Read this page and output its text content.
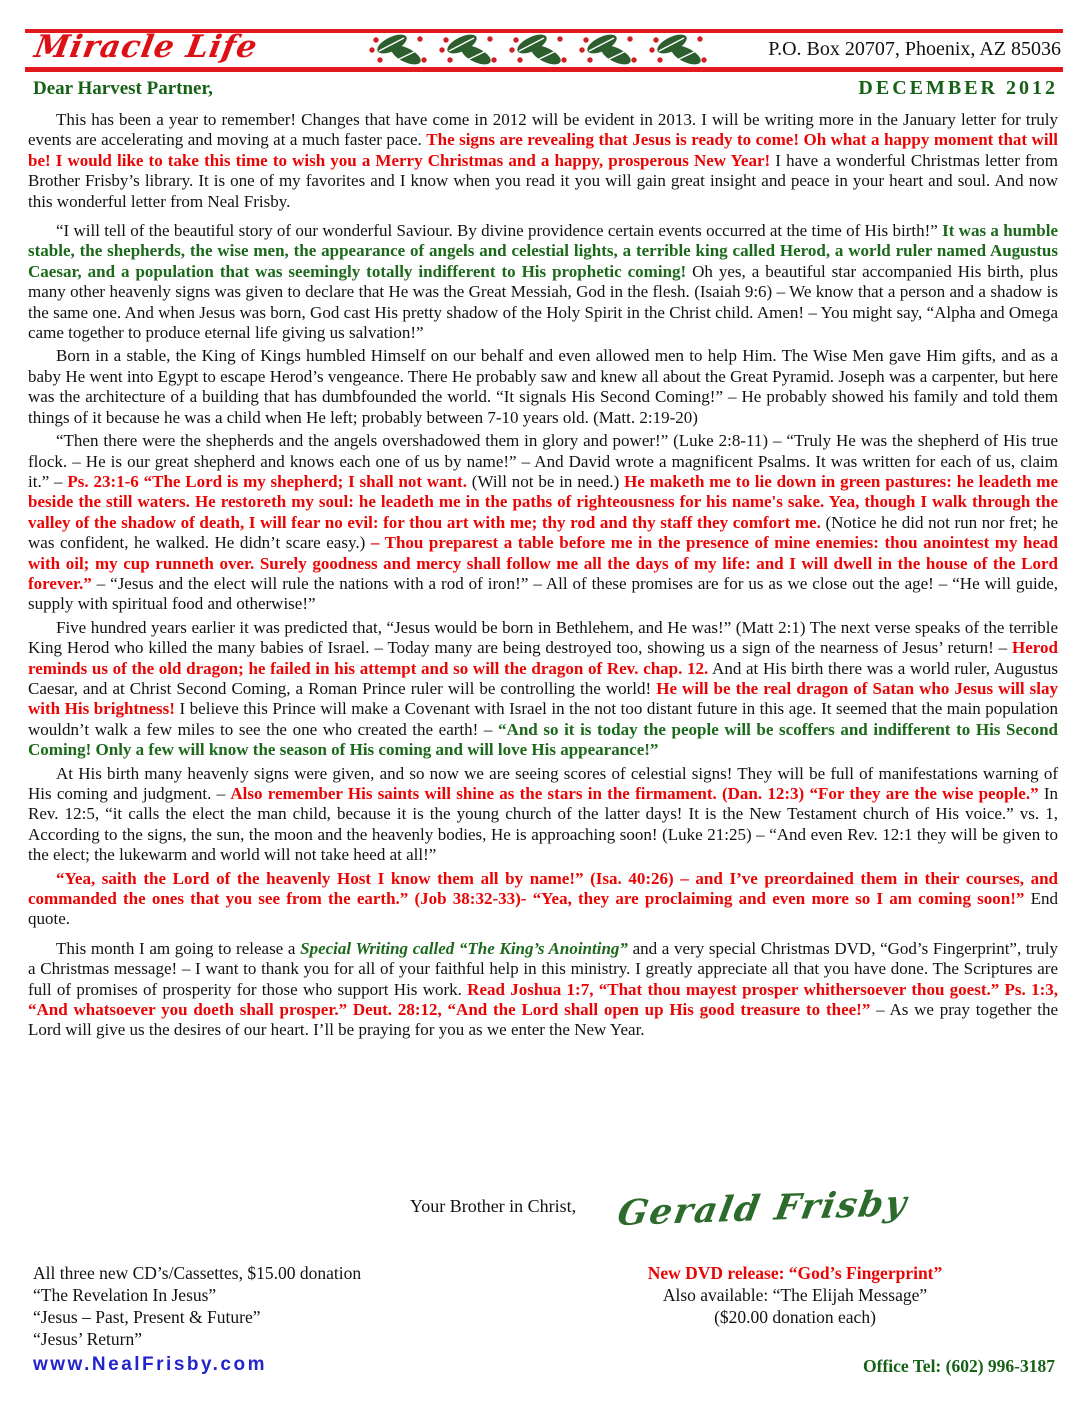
Miracle Life	P.O. Box 20707, Phoenix, AZ 85036
Dear Harvest Partner,	DECEMBER 2012

This has been a year to remember! Changes that have come in 2012 will be evident in 2013. I will be writing more in the January letter for truly events are accelerating and moving at a much faster pace. The signs are revealing that Jesus is ready to come! Oh what a happy moment that will be! I would like to take this time to wish you a Merry Christmas and a happy, prosperous New Year! I have a wonderful Christmas letter from Brother Frisby’s library. It is one of my favorites and I know when you read it you will gain great insight and peace in your heart and soul. And now this wonderful letter from Neal Frisby.

“I will tell of the beautiful story of our wonderful Saviour. By divine providence certain events occurred at the time of His birth!” It was a humble stable, the shepherds, the wise men, the appearance of angels and celestial lights, a terrible king called Herod, a world ruler named Augustus Caesar, and a population that was seemingly totally indifferent to His prophetic coming! Oh yes, a beautiful star accompanied His birth, plus many other heavenly signs was given to declare that He was the Great Messiah, God in the flesh. (Isaiah 9:6) – We know that a person and a shadow is the same one. And when Jesus was born, God cast His pretty shadow of the Holy Spirit in the Christ child. Amen! – You might say, “Alpha and Omega came together to produce eternal life giving us salvation!”

Born in a stable, the King of Kings humbled Himself on our behalf and even allowed men to help Him. The Wise Men gave Him gifts, and as a baby He went into Egypt to escape Herod’s vengeance. There He probably saw and knew all about the Great Pyramid. Joseph was a carpenter, but here was the architecture of a building that has dumbfounded the world. “It signals His Second Coming!” – He probably showed his family and told them things of it because he was a child when He left; probably between 7-10 years old. (Matt. 2:19-20)

“Then there were the shepherds and the angels overshadowed them in glory and power!” (Luke 2:8-11) – “Truly He was the shepherd of His true flock. – He is our great shepherd and knows each one of us by name!” – And David wrote a magnificent Psalms. It was written for each of us, claim it.” – Ps. 23:1-6 “The Lord is my shepherd; I shall not want. (Will not be in need.) He maketh me to lie down in green pastures: he leadeth me beside the still waters. He restoreth my soul: he leadeth me in the paths of righteousness for his name's sake. Yea, though I walk through the valley of the shadow of death, I will fear no evil: for thou art with me; thy rod and thy staff they comfort me. (Notice he did not run nor fret; he was confident, he walked. He didn’t scare easy.) – Thou preparest a table before me in the presence of mine enemies: thou anointest my head with oil; my cup runneth over. Surely goodness and mercy shall follow me all the days of my life: and I will dwell in the house of the Lord forever.” – “Jesus and the elect will rule the nations with a rod of iron!” – All of these promises are for us as we close out the age! – “He will guide, supply with spiritual food and otherwise!”

Five hundred years earlier it was predicted that, “Jesus would be born in Bethlehem, and He was!” (Matt 2:1) The next verse speaks of the terrible King Herod who killed the many babies of Israel. – Today many are being destroyed too, showing us a sign of the nearness of Jesus’ return! – Herod reminds us of the old dragon; he failed in his attempt and so will the dragon of Rev. chap. 12. And at His birth there was a world ruler, Augustus Caesar, and at Christ Second Coming, a Roman Prince ruler will be controlling the world! He will be the real dragon of Satan who Jesus will slay with His brightness! I believe this Prince will make a Covenant with Israel in the not too distant future in this age. It seemed that the main population wouldn’t walk a few miles to see the one who created the earth! – “And so it is today the people will be scoffers and indifferent to His Second Coming! Only a few will know the season of His coming and will love His appearance!”

At His birth many heavenly signs were given, and so now we are seeing scores of celestial signs! They will be full of manifestations warning of His coming and judgment. – Also remember His saints will shine as the stars in the firmament. (Dan. 12:3) “For they are the wise people.” In Rev. 12:5, “it calls the elect the man child, because it is the young church of the latter days! It is the New Testament church of His voice.” vs. 1, According to the signs, the sun, the moon and the heavenly bodies, He is approaching soon! (Luke 21:25) – “And even Rev. 12:1 they will be given to the elect; the lukewarm and world will not take heed at all!”

“Yea, saith the Lord of the heavenly Host I know them all by name!” (Isa. 40:26) – and I’ve preordained them in their courses, and commanded the ones that you see from the earth.” (Job 38:32-33)- “Yea, they are proclaiming and even more so I am coming soon!” End quote.

This month I am going to release a Special Writing called “The King’s Anointing” and a very special Christmas DVD, “God’s Fingerprint”, truly a Christmas message! – I want to thank you for all of your faithful help in this ministry. I greatly appreciate all that you have done. The Scriptures are full of promises of prosperity for those who support His work. Read Joshua 1:7, “That thou mayest prosper whithersoever thou goest.” Ps. 1:3, “And whatsoever you doeth shall prosper.” Deut. 28:12, “And the Lord shall open up His good treasure to thee!” – As we pray together the Lord will give us the desires of our heart. I’ll be praying for you as we enter the New Year.

Your Brother in Christ, Gerald Frisby
All three new CD’s/Cassettes, $15.00 donation
“The Revelation In Jesus”
“Jesus – Past, Present & Future”
“Jesus’ Return”
New DVD release: “God’s Fingerprint”
Also available: “The Elijah Message”
($20.00 donation each)
www.NealFrisby.com	Office Tel: (602) 996-3187
